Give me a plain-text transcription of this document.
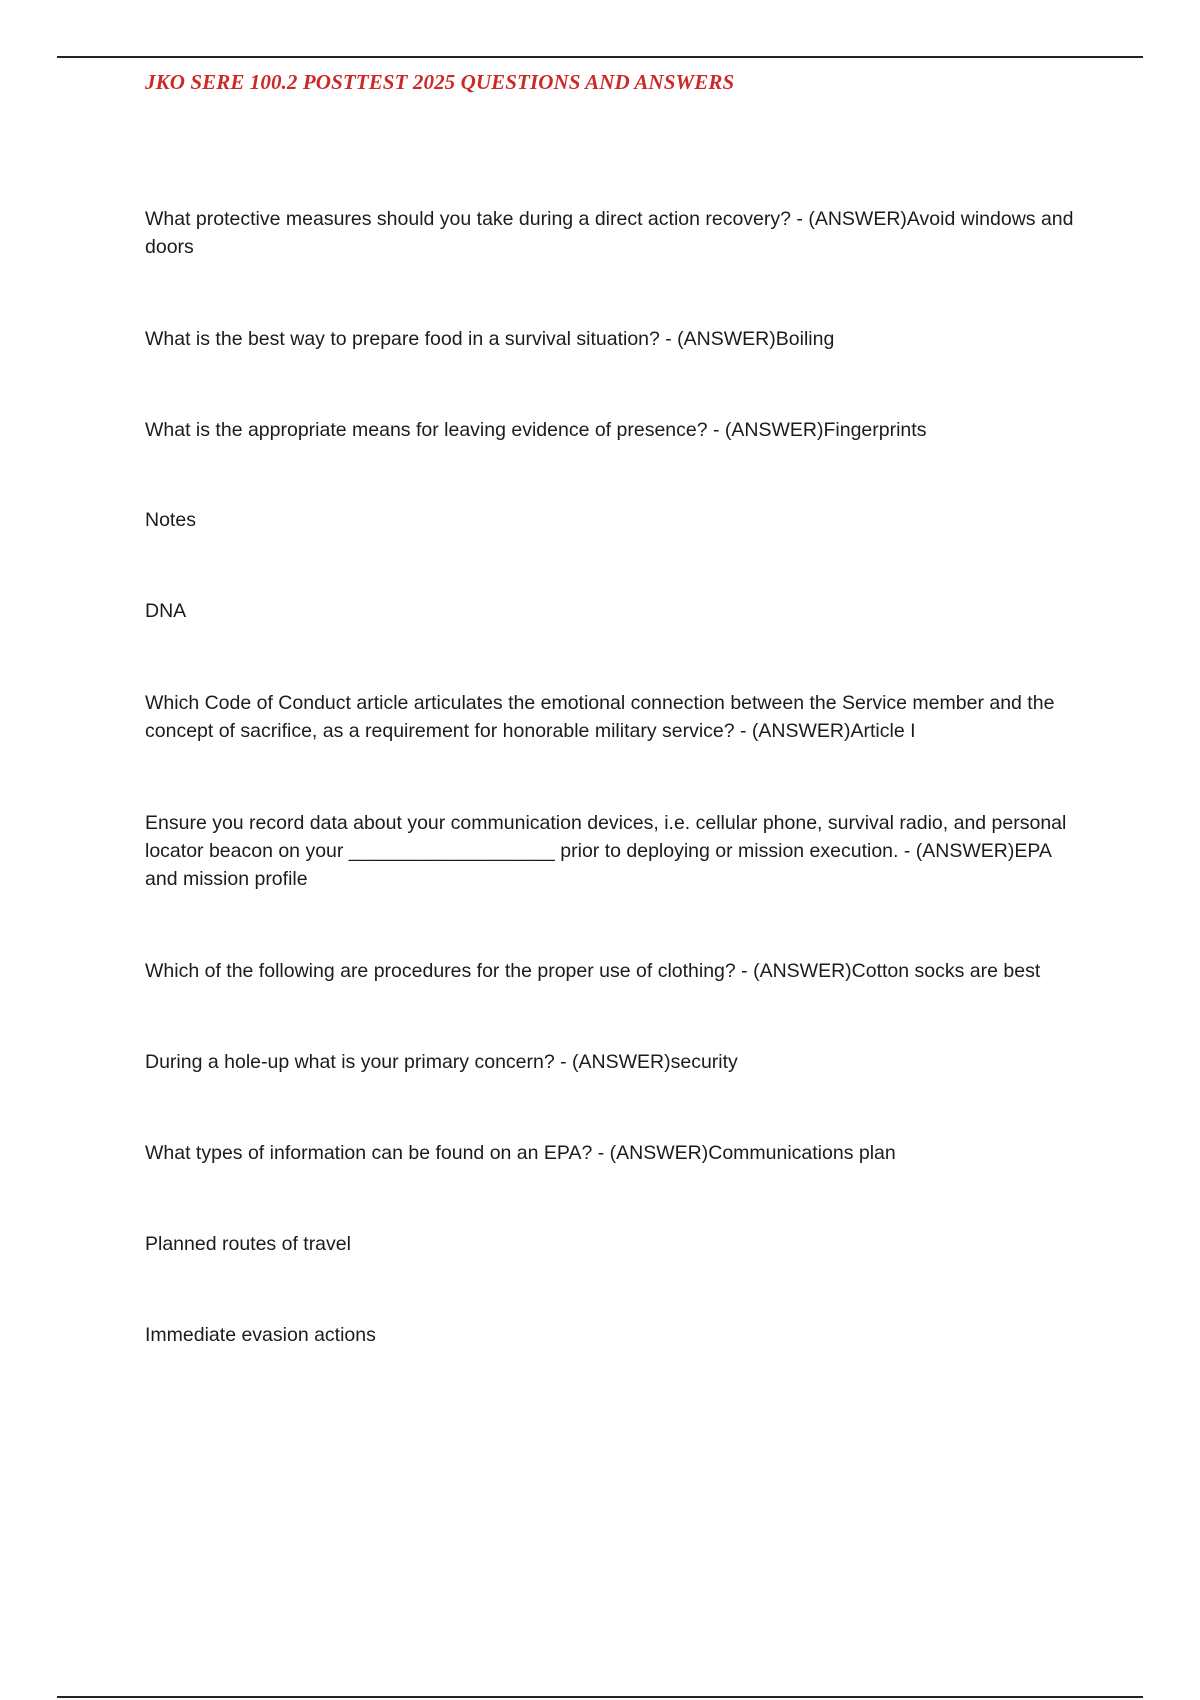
JKO SERE 100.2 POSTTEST 2025 QUESTIONS AND ANSWERS
What protective measures should you take during a direct action recovery? - (ANSWER)Avoid windows and doors
What is the best way to prepare food in a survival situation? - (ANSWER)Boiling
What is the appropriate means for leaving evidence of presence? - (ANSWER)Fingerprints
Notes
DNA
Which Code of Conduct article articulates the emotional connection between the Service member and the concept of sacrifice, as a requirement for honorable military service? - (ANSWER)Article I
Ensure you record data about your communication devices, i.e. cellular phone, survival radio, and personal locator beacon on your ___________________ prior to deploying or mission execution. - (ANSWER)EPA and mission profile
Which of the following are procedures for the proper use of clothing? - (ANSWER)Cotton socks are best
During a hole-up what is your primary concern? - (ANSWER)security
What types of information can be found on an EPA? - (ANSWER)Communications plan
Planned routes of travel
Immediate evasion actions
